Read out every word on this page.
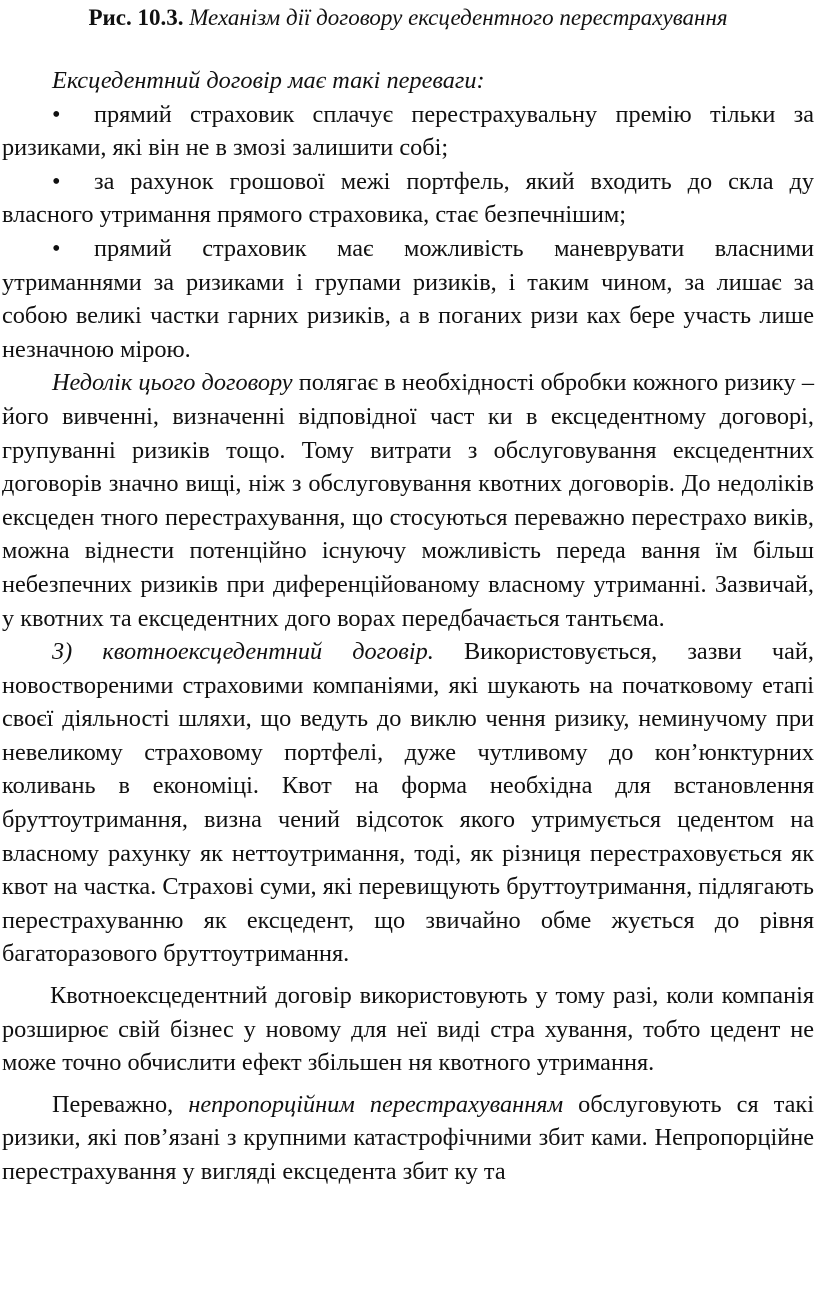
Рис. 10.3. Механізм дії договору ексцедентного перестрахування

Ексцедентний договір має такі переваги:

• прямий страховик сплачує перестрахувальну премію тільки за ризиками, які він не в змозі залишити собі;

• за рахунок грошової межі портфель, який входить до скла ду власного утримання прямого страховика, стає безпечнішим;

• прямий страховик має можливість маневрувати власними утриманнями за ризиками і групами ризиків, і таким чином, за лишає за собою великі частки гарних ризиків, а в поганих ризи ках бере участь лише незначною мірою.

Недолік цього договору полягає в необхідності обробки кожного ризику – його вивченні, визначенні відповідної част ки в ексцедентному договорі, групуванні ризиків тощо. Тому витрати з обслуговування ексцедентних договорів значно вищі, ніж з обслуговування квотних договорів. До недоліків ексцеден тного перестрахування, що стосуються переважно перестрахо виків, можна віднести потенційно існуючу можливість переда вання їм більш небезпечних ризиків при диференційованому власному утриманні. Зазвичай, у квотних та ексцедентних дого ворах передбачається тантьєма.

3) квотноексцедентний договір. Використовується, зазви чай, новоствореними страховими компаніями, які шукають на початковому етапі своєї діяльності шляхи, що ведуть до виклю чення ризику, неминучому при невеликому страховому портфелі, дуже чутливому до кон’юнктурних коливань в економіці. Квот на форма необхідна для встановлення бруттоутримання, визна чений відсоток якого утримується цедентом на власному рахунку як неттоутримання, тоді, як різниця перестраховується як квот на частка. Страхові суми, які перевищують бруттоутримання, підлягають перестрахуванню як ексцедент, що звичайно обме жується до рівня багаторазового бруттоутримання.

Квотноексцедентний договір використовують у тому разі, коли компанія розширює свій бізнес у новому для неї виді стра хування, тобто цедент не може точно обчислити ефект збільшен ня квотного утримання.

Переважно, непропорційним перестрахуванням обслуговують ся такі ризики, які пов’язані з крупними катастрофічними збит ками. Непропорційне перестрахування у вигляді ексцедента збит ку та
